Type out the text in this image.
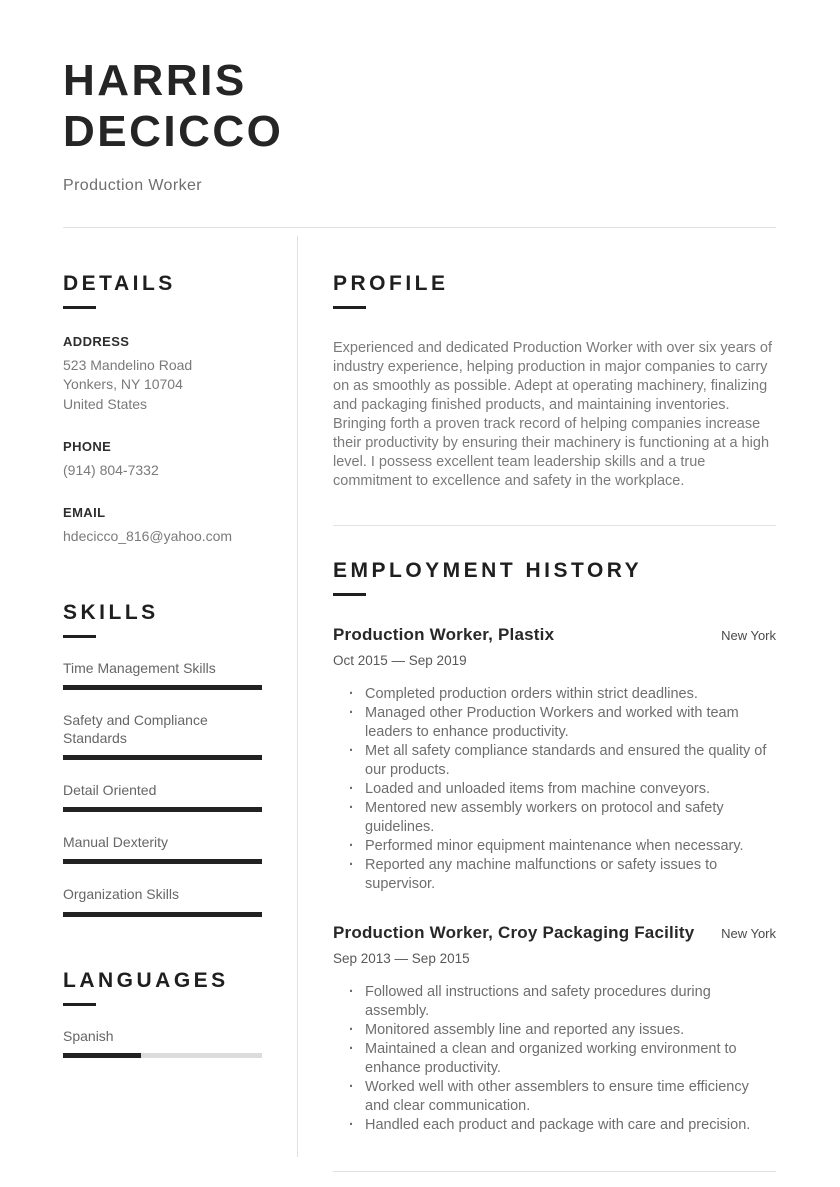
HARRIS
DECICCO
Production Worker
DETAILS
ADDRESS
523 Mandelino Road
Yonkers, NY 10704
United States
PHONE
(914) 804-7332
EMAIL
hdecicco_816@yahoo.com
SKILLS
Time Management Skills
Safety and Compliance Standards
Detail Oriented
Manual Dexterity
Organization Skills
LANGUAGES
Spanish
PROFILE
Experienced and dedicated Production Worker with over six years of industry experience, helping production in major companies to carry on as smoothly as possible. Adept at operating machinery, finalizing and packaging finished products, and maintaining inventories. Bringing forth a proven track record of helping companies increase their productivity by ensuring their machinery is functioning at a high level. I possess excellent team leadership skills and a true commitment to excellence and safety in the workplace.
EMPLOYMENT HISTORY
Production Worker, Plastix	New York
Oct 2015 — Sep 2019
· Completed production orders within strict deadlines.
· Managed other Production Workers and worked with team leaders to enhance productivity.
· Met all safety compliance standards and ensured the quality of our products.
· Loaded and unloaded items from machine conveyors.
· Mentored new assembly workers on protocol and safety guidelines.
· Performed minor equipment maintenance when necessary.
· Reported any machine malfunctions or safety issues to supervisor.
Production Worker, Croy Packaging Facility New York
Sep 2013 — Sep 2015
· Followed all instructions and safety procedures during assembly.
· Monitored assembly line and reported any issues.
· Maintained a clean and organized working environment to enhance productivity.
· Worked well with other assemblers to ensure time efficiency and clear communication.
· Handled each product and package with care and precision.
